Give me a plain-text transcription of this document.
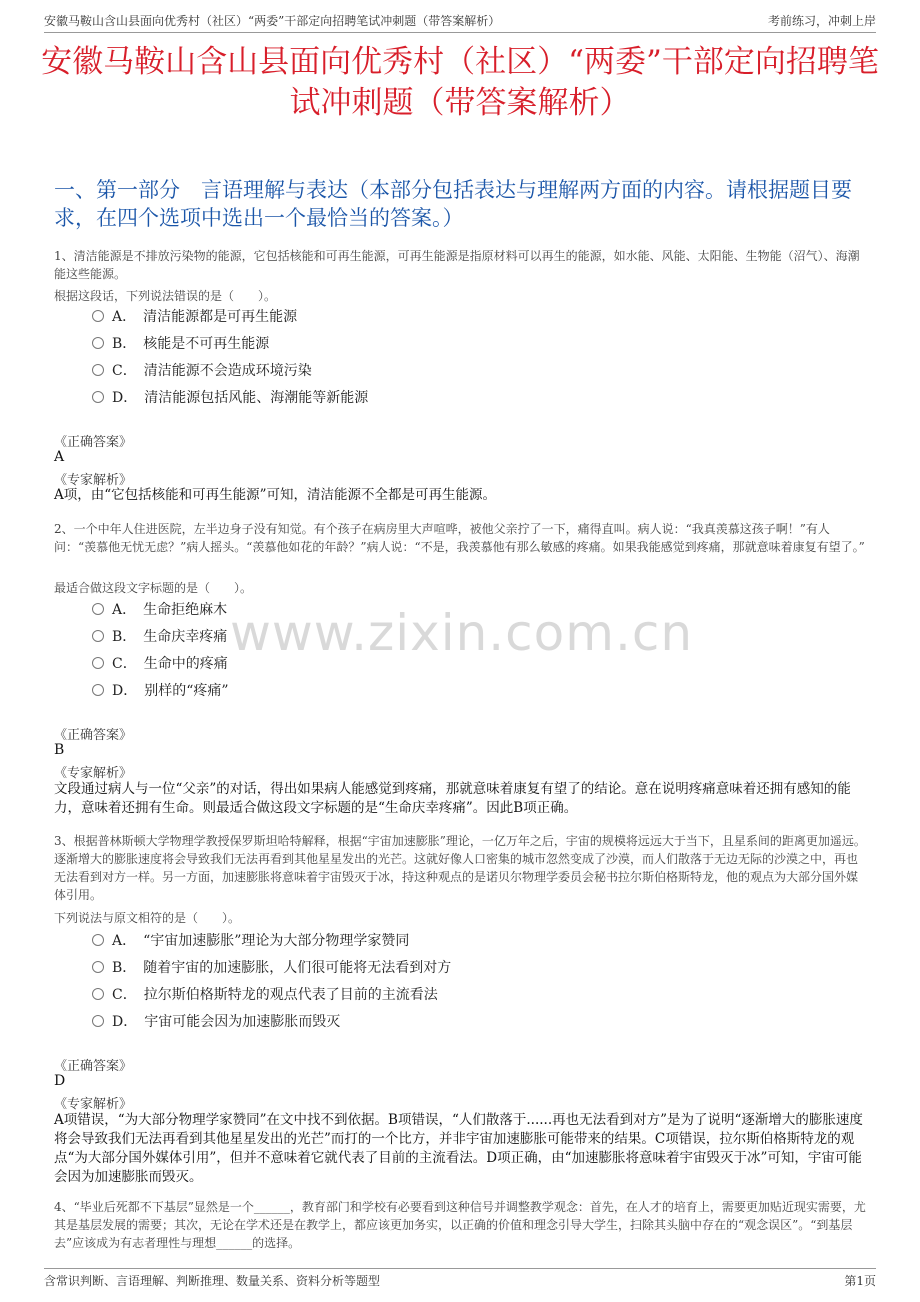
安徽马鞍山含山县面向优秀村（社区）“两委”干部定向招聘笔试冲刺题（带答案解析）	考前练习，冲刺上岸
安徽马鞍山含山县面向优秀村（社区）“两委”干部定向招聘笔试冲刺题（带答案解析）
一、第一部分　言语理解与表达（本部分包括表达与理解两方面的内容。请根据题目要求，在四个选项中选出一个最恰当的答案。）
www.zixin.com.cn
1、清洁能源是不排放污染物的能源，它包括核能和可再生能源，可再生能源是指原材料可以再生的能源，如水能、风能、太阳能、生物能（沼气）、海潮能这些能源。
根据这段话，下列说法错误的是（　　）。
A．　清洁能源都是可再生能源
B．　核能是不可再生能源
C．　清洁能源不会造成环境污染
D．　清洁能源包括风能、海潮能等新能源
《正确答案》
A
《专家解析》
A项，由“它包括核能和可再生能源”可知，清洁能源不全都是可再生能源。
2、一个中年人住进医院，左半边身子没有知觉。有个孩子在病房里大声喧哗，被他父亲拧了一下，痛得直叫。病人说：“我真羡慕这孩子啊！”有人问：“羡慕他无忧无虑？”病人摇头。“羡慕他如花的年龄？”病人说：“不是，我羡慕他有那么敏感的疼痛。如果我能感觉到疼痛，那就意味着康复有望了。”
最适合做这段文字标题的是（　　）。
A．　生命拒绝麻木
B．　生命庆幸疼痛
C．　生命中的疼痛
D．　别样的“疼痛”
《正确答案》
B
《专家解析》
文段通过病人与一位“父亲”的对话，得出如果病人能感觉到疼痛，那就意味着康复有望了的结论。意在说明疼痛意味着还拥有感知的能力，意味着还拥有生命。则最适合做这段文字标题的是“生命庆幸疼痛”。因此B项正确。
3、根据普林斯顿大学物理学教授保罗斯坦哈特解释，根据“宇宙加速膨胀”理论，一亿万年之后，宇宙的规模将远远大于当下，且星系间的距离更加遥远。逐渐增大的膨胀速度将会导致我们无法再看到其他星星发出的光芒。这就好像人口密集的城市忽然变成了沙漠，而人们散落于无边无际的沙漠之中，再也无法看到对方一样。另一方面，加速膨胀将意味着宇宙毁灭于冰，持这种观点的是诺贝尔物理学委员会秘书拉尔斯伯格斯特龙，他的观点为大部分国外媒体引用。
下列说法与原文相符的是（　　）。
A．　“宇宙加速膨胀”理论为大部分物理学家赞同
B．　随着宇宙的加速膨胀，人们很可能将无法看到对方
C．　拉尔斯伯格斯特龙的观点代表了目前的主流看法
D．　宇宙可能会因为加速膨胀而毁灭
《正确答案》
D
《专家解析》
A项错误，“为大部分物理学家赞同”在文中找不到依据。B项错误，“人们散落于......再也无法看到对方”是为了说明“逐渐增大的膨胀速度将会导致我们无法再看到其他星星发出的光芒”而打的一个比方，并非宇宙加速膨胀可能带来的结果。C项错误，拉尔斯伯格斯特龙的观点“为大部分国外媒体引用”，但并不意味着它就代表了目前的主流看法。D项正确，由“加速膨胀将意味着宇宙毁灭于冰”可知，宇宙可能会因为加速膨胀而毁灭。
4、“毕业后死都不下基层”显然是一个______，教育部门和学校有必要看到这种信号并调整教学观念：首先，在人才的培育上，需要更加贴近现实需要，尤其是基层发展的需要；其次，无论在学术还是在教学上，都应该更加务实，以正确的价值和理念引导大学生，扫除其头脑中存在的“观念误区”。“到基层去”应该成为有志者理性与理想______的选择。
含常识判断、言语理解、判断推理、数量关系、资料分析等题型	第1页
